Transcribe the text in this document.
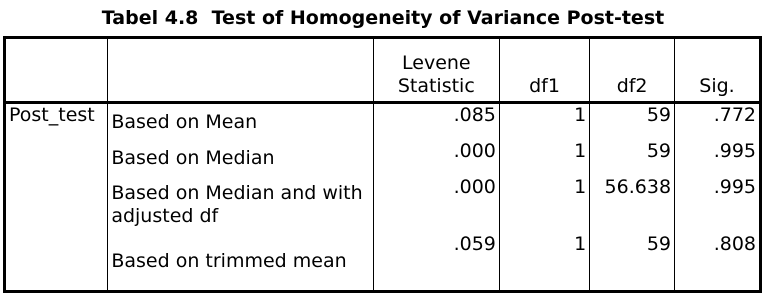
Tabel 4.8  Test of Homogeneity of Variance Post-test
		Levene Statistic	df1	df2	Sig.
Post_test	Based on Mean	.085	1	59	.772
	Based on Median	.000	1	59	.995
	Based on Median and with adjusted df	.000	1	56.638	.995
	Based on trimmed mean	.059	1	59	.808
